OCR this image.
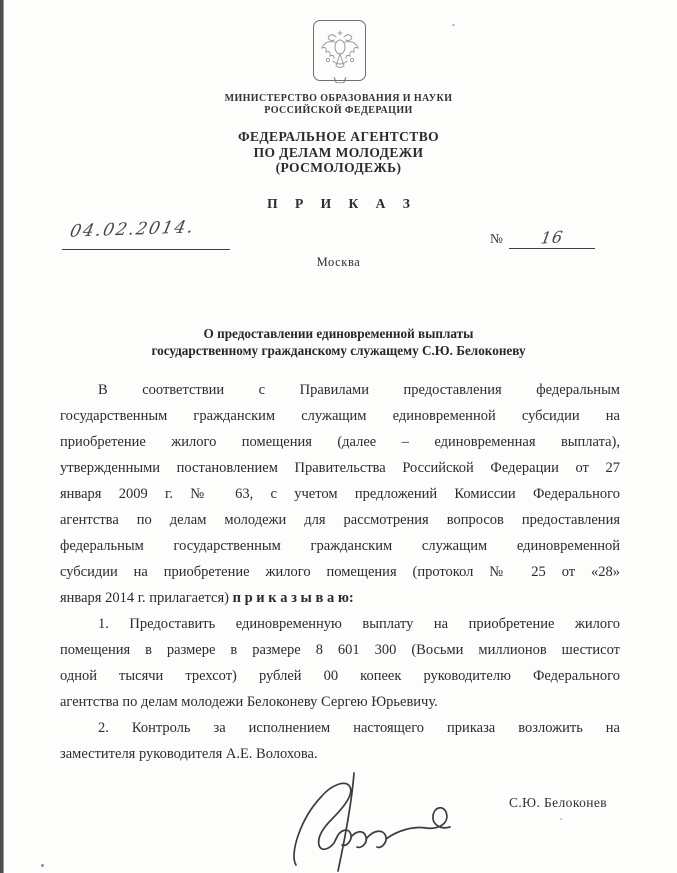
МИНИСТЕРСТВО ОБРАЗОВАНИЯ И НАУКИ
РОССИЙСКОЙ ФЕДЕРАЦИИ
ФЕДЕРАЛЬНОЕ АГЕНТСТВО
ПО ДЕЛАМ МОЛОДЕЖИ
(РОСМОЛОДЕЖЬ)
П Р И К А З
04.02.2014.	№	16
Москва
О предоставлении единовременной выплаты
государственному гражданскому служащему С.Ю. Белоконеву
В соответствии с Правилами предоставления федеральным
государственным гражданским служащим единовременной субсидии на
приобретение жилого помещения (далее – единовременная выплата),
утвержденными постановлением Правительства Российской Федерации от 27
января 2009 г. № 63, с учетом предложений Комиссии Федерального
агентства по делам молодежи для рассмотрения вопросов предоставления
федеральным государственным гражданским служащим единовременной
субсидии на приобретение жилого помещения (протокол № 25 от «28»
января 2014 г. прилагается) п р и к а з ы в а ю:
1. Предоставить единовременную выплату на приобретение жилого
помещения в размере в размере 8 601 300 (Восьми миллионов шестисот
одной тысячи трехсот) рублей 00 копеек руководителю Федерального
агентства по делам молодежи Белоконеву Сергею Юрьевичу.
2. Контроль за исполнением настоящего приказа возложить на
заместителя руководителя А.Е. Волохова.
С.Ю. Белоконев
